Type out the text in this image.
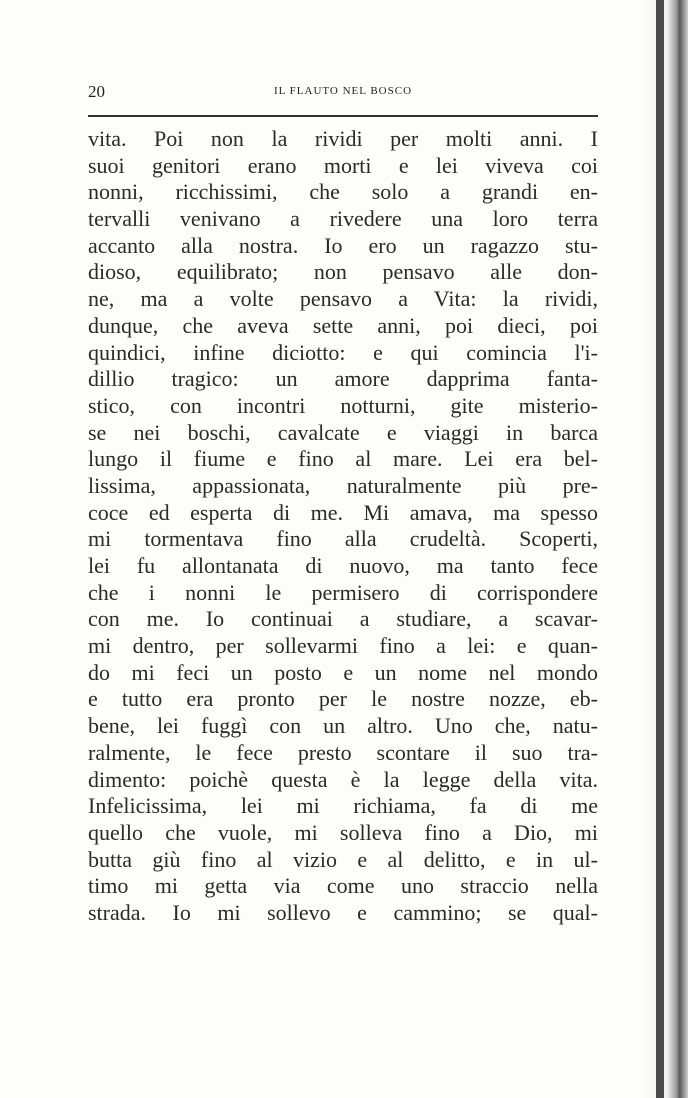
20	IL FLAUTO NEL BOSCO
vita. Poi non la rividi per molti anni. I
suoi genitori erano morti e lei viveva coi
nonni, ricchissimi, che solo a grandi en-
tervalli venivano a rivedere una loro terra
accanto alla nostra. Io ero un ragazzo stu-
dioso, equilibrato; non pensavo alle don-
ne, ma a volte pensavo a Vita: la rividi,
dunque, che aveva sette anni, poi dieci, poi
quindici, infine diciotto: e qui comincia l'i-
dillio tragico: un amore dapprima fanta-
stico, con incontri notturni, gite misterio-
se nei boschi, cavalcate e viaggi in barca
lungo il fiume e fino al mare. Lei era bel-
lissima, appassionata, naturalmente più pre-
coce ed esperta di me. Mi amava, ma spesso
mi tormentava fino alla crudeltà. Scoperti,
lei fu allontanata di nuovo, ma tanto fece
che i nonni le permisero di corrispondere
con me. Io continuai a studiare, a scavar-
mi dentro, per sollevarmi fino a lei: e quan-
do mi feci un posto e un nome nel mondo
e tutto era pronto per le nostre nozze, eb-
bene, lei fuggì con un altro. Uno che, natu-
ralmente, le fece presto scontare il suo tra-
dimento: poichè questa è la legge della vita.
Infelicissima, lei mi richiama, fa di me
quello che vuole, mi solleva fino a Dio, mi
butta giù fino al vizio e al delitto, e in ul-
timo mi getta via come uno straccio nella
strada. Io mi sollevo e cammino; se qual-
